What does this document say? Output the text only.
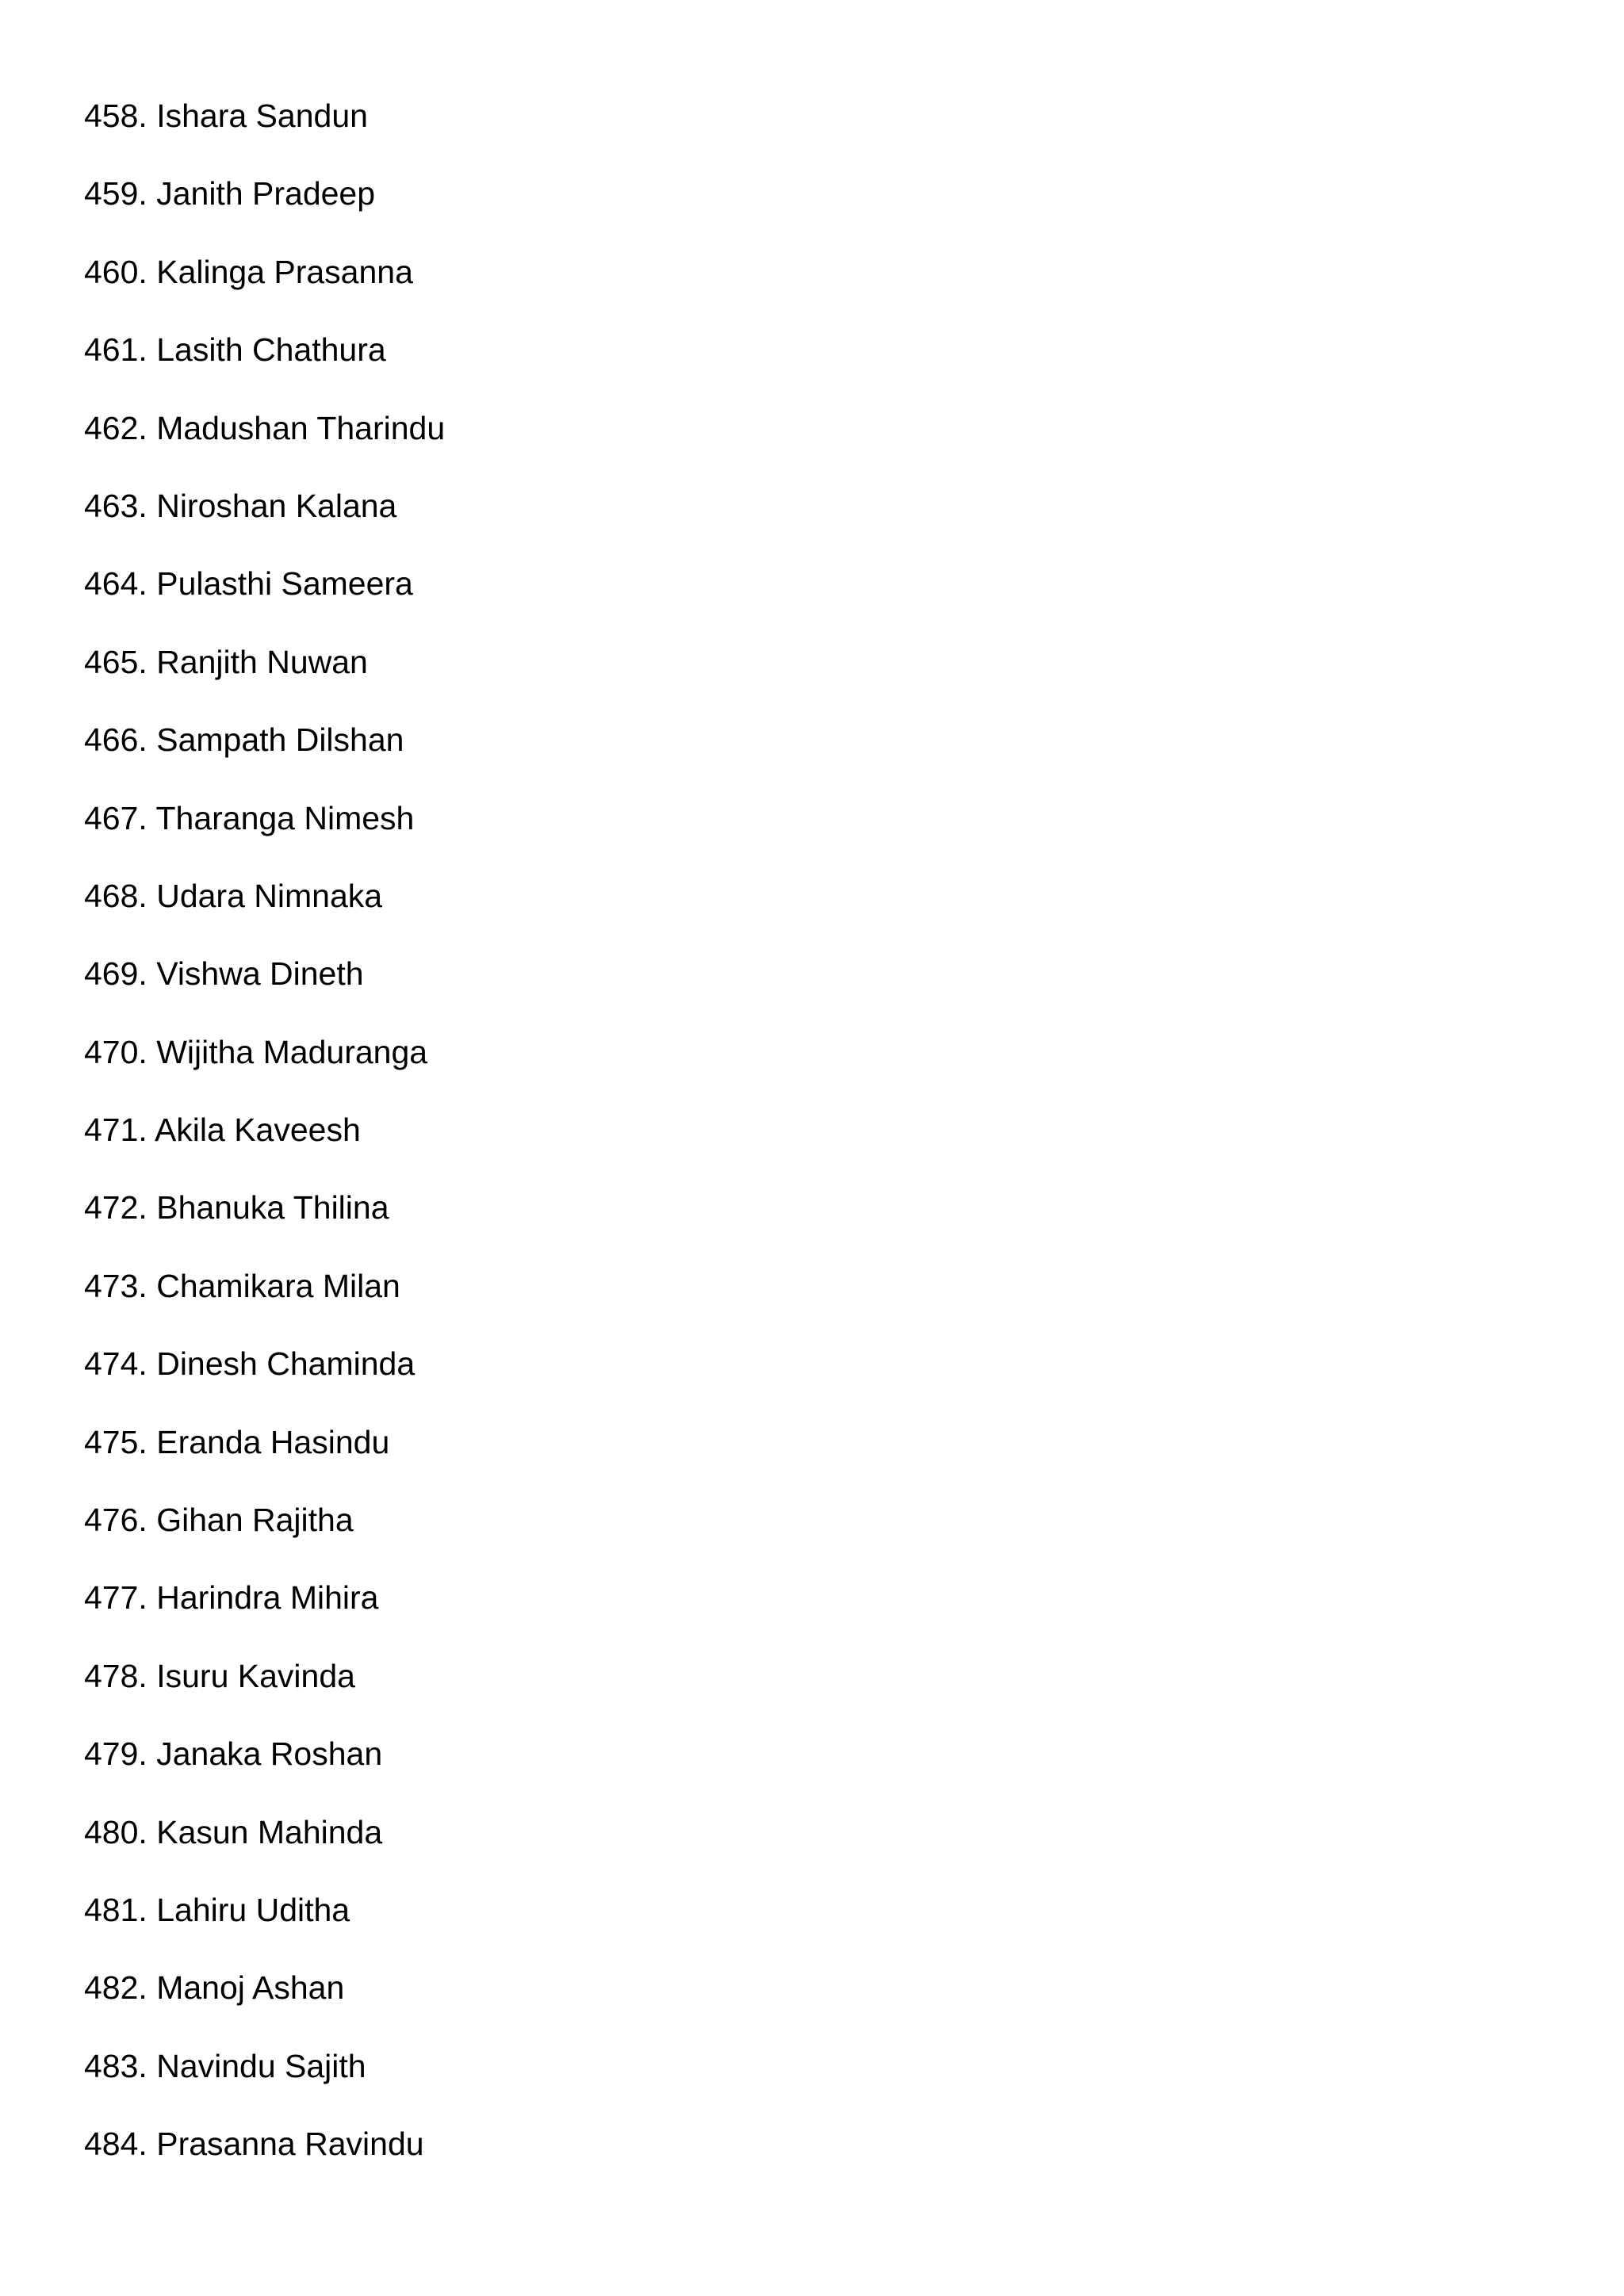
458. Ishara Sandun
459. Janith Pradeep
460. Kalinga Prasanna
461. Lasith Chathura
462. Madushan Tharindu
463. Niroshan Kalana
464. Pulasthi Sameera
465. Ranjith Nuwan
466. Sampath Dilshan
467. Tharanga Nimesh
468. Udara Nimnaka
469. Vishwa Dineth
470. Wijitha Maduranga
471. Akila Kaveesh
472. Bhanuka Thilina
473. Chamikara Milan
474. Dinesh Chaminda
475. Eranda Hasindu
476. Gihan Rajitha
477. Harindra Mihira
478. Isuru Kavinda
479. Janaka Roshan
480. Kasun Mahinda
481. Lahiru Uditha
482. Manoj Ashan
483. Navindu Sajith
484. Prasanna Ravindu
